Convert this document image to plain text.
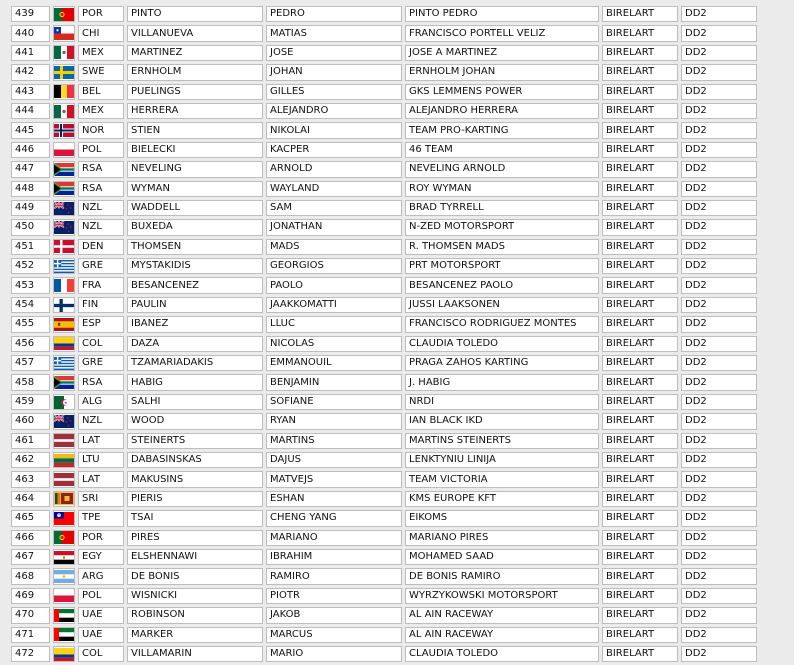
439		POR	PINTO	PEDRO	PINTO PEDRO	BIRELART	DD2
440		CHI	VILLANUEVA	MATIAS	FRANCISCO PORTELL VELIZ	BIRELART	DD2
441		MEX	MARTINEZ	JOSE	JOSE A MARTINEZ	BIRELART	DD2
442		SWE	ERNHOLM	JOHAN	ERNHOLM JOHAN	BIRELART	DD2
443		BEL	PUELINGS	GILLES	GKS LEMMENS POWER	BIRELART	DD2
444		MEX	HERRERA	ALEJANDRO	ALEJANDRO HERRERA	BIRELART	DD2
445		NOR	STIEN	NIKOLAI	TEAM PRO-KARTING	BIRELART	DD2
446		POL	BIELECKI	KACPER	46 TEAM	BIRELART	DD2
447		RSA	NEVELING	ARNOLD	NEVELING ARNOLD	BIRELART	DD2
448		RSA	WYMAN	WAYLAND	ROY WYMAN	BIRELART	DD2
449		NZL	WADDELL	SAM	BRAD TYRRELL	BIRELART	DD2
450		NZL	BUXEDA	JONATHAN	N-ZED MOTORSPORT	BIRELART	DD2
451		DEN	THOMSEN	MADS	R. THOMSEN MADS	BIRELART	DD2
452		GRE	MYSTAKIDIS	GEORGIOS	PRT MOTORSPORT	BIRELART	DD2
453		FRA	BESANCENEZ	PAOLO	BESANCENEZ PAOLO	BIRELART	DD2
454		FIN	PAULIN	JAAKKOMATTI	JUSSI LAAKSONEN	BIRELART	DD2
455		ESP	IBANEZ	LLUC	FRANCISCO RODRIGUEZ MONTES	BIRELART	DD2
456		COL	DAZA	NICOLAS	CLAUDIA TOLEDO	BIRELART	DD2
457		GRE	TZAMARIADAKIS	EMMANOUIL	PRAGA ZAHOS KARTING	BIRELART	DD2
458		RSA	HABIG	BENJAMIN	J. HABIG	BIRELART	DD2
459		ALG	SALHI	SOFIANE	NRDI	BIRELART	DD2
460		NZL	WOOD	RYAN	IAN BLACK IKD	BIRELART	DD2
461		LAT	STEINERTS	MARTINS	MARTINS STEINERTS	BIRELART	DD2
462		LTU	DABASINSKAS	DAJUS	LENKTYNIU LINIJA	BIRELART	DD2
463		LAT	MAKUSINS	MATVEJS	TEAM VICTORIA	BIRELART	DD2
464		SRI	PIERIS	ESHAN	KMS EUROPE KFT	BIRELART	DD2
465		TPE	TSAI	CHENG YANG	EIKOMS	BIRELART	DD2
466		POR	PIRES	MARIANO	MARIANO PIRES	BIRELART	DD2
467		EGY	ELSHENNAWI	IBRAHIM	MOHAMED SAAD	BIRELART	DD2
468		ARG	DE BONIS	RAMIRO	DE BONIS RAMIRO	BIRELART	DD2
469		POL	WISNICKI	PIOTR	WYRZYKOWSKI MOTORSPORT	BIRELART	DD2
470		UAE	ROBINSON	JAKOB	AL AIN RACEWAY	BIRELART	DD2
471		UAE	MARKER	MARCUS	AL AIN RACEWAY	BIRELART	DD2
472		COL	VILLAMARIN	MARIO	CLAUDIA TOLEDO	BIRELART	DD2
